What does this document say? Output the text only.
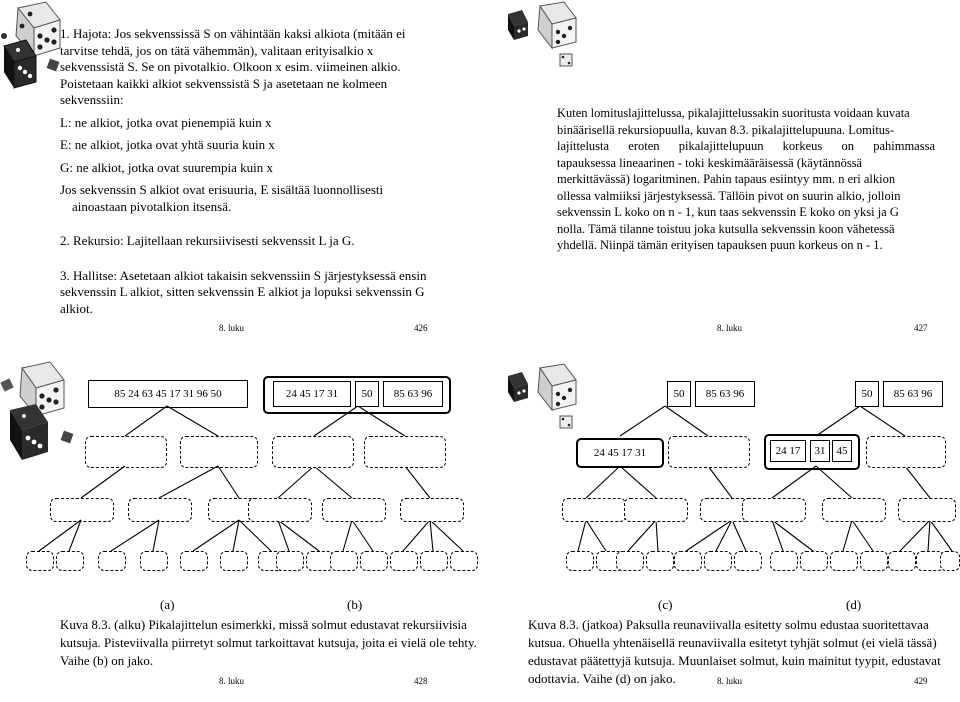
1. Hajota: Jos sekvenssissä S on vähintään kaksi alkiota (mitään ei
tarvitse tehdä, jos on tätä vähemmän), valitaan erityisalkio x
sekvenssistä S. Se on pivotalkio. Olkoon x esim. viimeinen alkio.
Poistetaan kaikki alkiot sekvenssistä S ja asetetaan ne kolmeen
sekvenssiin:
L: ne alkiot, jotka ovat pienempiä kuin x
E: ne alkiot, jotka ovat yhtä suuria kuin x
G: ne alkiot, jotka ovat suurempia kuin x
Jos sekvenssin S alkiot ovat erisuuria, E sisältää luonnollisesti
ainoastaan pivotalkion itsensä.
2. Rekursio: Lajitellaan rekursiivisesti sekvenssit L ja G.
3. Hallitse: Asetetaan alkiot takaisin sekvenssiin S järjestyksessä ensin
sekvenssin L alkiot, sitten sekvenssin E alkiot ja lopuksi sekvenssin G
alkiot.
8. luku	426
Kuten lomituslajittelussa, pikalajittelussakin suoritusta voidaan kuvata
binäärisellä rekursiopuulla, kuvan 8.3. pikalajittelupuuna. Lomitus-
lajittelusta eroten pikalajittelupuun korkeus on pahimmassa
tapauksessa lineaarinen - toki keskimääräisessä (käytännössä
merkittävässä) logaritminen. Pahin tapaus esiintyy mm. n eri alkion
ollessa valmiiksi järjestyksessä. Tällöin pivot on suurin alkio, jolloin
sekvenssin L koko on n - 1, kun taas sekvenssin E koko on yksi ja G
nolla. Tämä tilanne toistuu joka kutsulla sekvenssin koon vähetessä
yhdellä. Niinpä tämän erityisen tapauksen puun korkeus on n - 1.
8. luku	427
85 24 63 45 17 31 96 50	24 45 17 31	50	85 63 96
(a)	(b)
Kuva 8.3. (alku) Pikalajittelun esimerkki, missä solmut edustavat rekursiivisia
kutsuja. Pisteviivalla piirretyt solmut tarkoittavat kutsuja, joita ei vielä ole tehty.
Vaihe (b) on jako.
8. luku	428
50	85 63 96
24 45 17 31
50	85 63 96
24 17	31	45
(c)	(d)
Kuva 8.3. (jatkoa) Paksulla reunaviivalla esitetty solmu edustaa suoritettavaa
kutsua. Ohuella yhtenäisellä reunaviivalla esitetyt tyhjät solmut (ei vielä tässä)
edustavat päätettyjä kutsuja. Muunlaiset solmut, kuin mainitut tyypit, edustavat
odottavia. Vaihe (d) on jako.	8. luku	429
